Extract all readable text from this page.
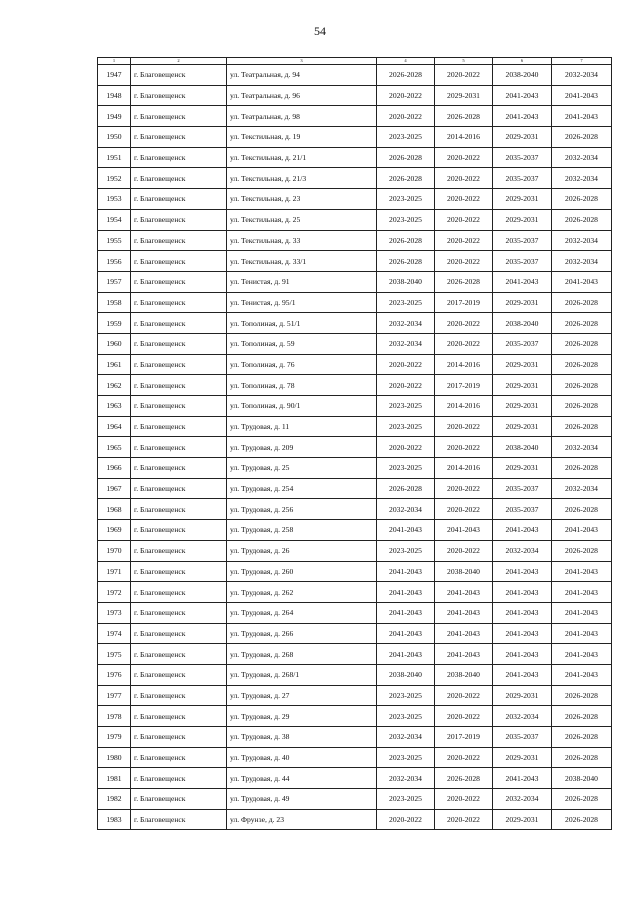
54
1	2	3	4	5	6	7
1947	г. Благовещенск	ул. Театральная, д. 94	2026-2028	2020-2022	2038-2040	2032-2034
1948	г. Благовещенск	ул. Театральная, д. 96	2020-2022	2029-2031	2041-2043	2041-2043
1949	г. Благовещенск	ул. Театральная, д. 98	2020-2022	2026-2028	2041-2043	2041-2043
1950	г. Благовещенск	ул. Текстильная, д. 19	2023-2025	2014-2016	2029-2031	2026-2028
1951	г. Благовещенск	ул. Текстильная, д. 21/1	2026-2028	2020-2022	2035-2037	2032-2034
1952	г. Благовещенск	ул. Текстильная, д. 21/3	2026-2028	2020-2022	2035-2037	2032-2034
1953	г. Благовещенск	ул. Текстильная, д. 23	2023-2025	2020-2022	2029-2031	2026-2028
1954	г. Благовещенск	ул. Текстильная, д. 25	2023-2025	2020-2022	2029-2031	2026-2028
1955	г. Благовещенск	ул. Текстильная, д. 33	2026-2028	2020-2022	2035-2037	2032-2034
1956	г. Благовещенск	ул. Текстильная, д. 33/1	2026-2028	2020-2022	2035-2037	2032-2034
1957	г. Благовещенск	ул. Тенистая, д. 91	2038-2040	2026-2028	2041-2043	2041-2043
1958	г. Благовещенск	ул. Тенистая, д. 95/1	2023-2025	2017-2019	2029-2031	2026-2028
1959	г. Благовещенск	ул. Тополиная, д. 51/1	2032-2034	2020-2022	2038-2040	2026-2028
1960	г. Благовещенск	ул. Тополиная, д. 59	2032-2034	2020-2022	2035-2037	2026-2028
1961	г. Благовещенск	ул. Тополиная, д. 76	2020-2022	2014-2016	2029-2031	2026-2028
1962	г. Благовещенск	ул. Тополиная, д. 78	2020-2022	2017-2019	2029-2031	2026-2028
1963	г. Благовещенск	ул. Тополиная, д. 90/1	2023-2025	2014-2016	2029-2031	2026-2028
1964	г. Благовещенск	ул. Трудовая, д. 11	2023-2025	2020-2022	2029-2031	2026-2028
1965	г. Благовещенск	ул. Трудовая, д. 209	2020-2022	2020-2022	2038-2040	2032-2034
1966	г. Благовещенск	ул. Трудовая, д. 25	2023-2025	2014-2016	2029-2031	2026-2028
1967	г. Благовещенск	ул. Трудовая, д. 254	2026-2028	2020-2022	2035-2037	2032-2034
1968	г. Благовещенск	ул. Трудовая, д. 256	2032-2034	2020-2022	2035-2037	2026-2028
1969	г. Благовещенск	ул. Трудовая, д. 258	2041-2043	2041-2043	2041-2043	2041-2043
1970	г. Благовещенск	ул. Трудовая, д. 26	2023-2025	2020-2022	2032-2034	2026-2028
1971	г. Благовещенск	ул. Трудовая, д. 260	2041-2043	2038-2040	2041-2043	2041-2043
1972	г. Благовещенск	ул. Трудовая, д. 262	2041-2043	2041-2043	2041-2043	2041-2043
1973	г. Благовещенск	ул. Трудовая, д. 264	2041-2043	2041-2043	2041-2043	2041-2043
1974	г. Благовещенск	ул. Трудовая, д. 266	2041-2043	2041-2043	2041-2043	2041-2043
1975	г. Благовещенск	ул. Трудовая, д. 268	2041-2043	2041-2043	2041-2043	2041-2043
1976	г. Благовещенск	ул. Трудовая, д. 268/1	2038-2040	2038-2040	2041-2043	2041-2043
1977	г. Благовещенск	ул. Трудовая, д. 27	2023-2025	2020-2022	2029-2031	2026-2028
1978	г. Благовещенск	ул. Трудовая, д. 29	2023-2025	2020-2022	2032-2034	2026-2028
1979	г. Благовещенск	ул. Трудовая, д. 38	2032-2034	2017-2019	2035-2037	2026-2028
1980	г. Благовещенск	ул. Трудовая, д. 40	2023-2025	2020-2022	2029-2031	2026-2028
1981	г. Благовещенск	ул. Трудовая, д. 44	2032-2034	2026-2028	2041-2043	2038-2040
1982	г. Благовещенск	ул. Трудовая, д. 49	2023-2025	2020-2022	2032-2034	2026-2028
1983	г. Благовещенск	ул. Фрунзе, д. 23	2020-2022	2020-2022	2029-2031	2026-2028
